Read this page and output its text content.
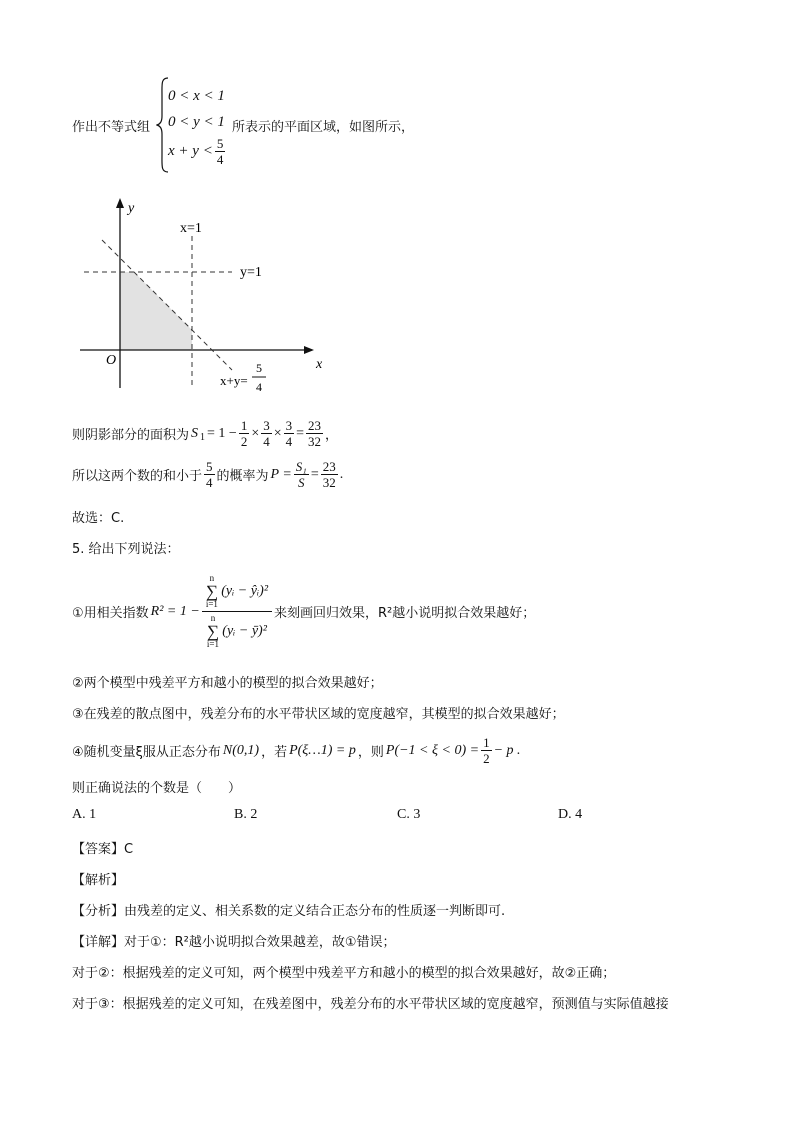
作出不等式组
0 < x < 1
0 < y < 1
$x + y < \frac{5}{4}$
所表示的平面区域，如图所示，
y
x
O
x=1
y=1
x+y=
5
4
则阴影部分的面积为 S $1 = 1 - \frac{1}{2} \times \frac{3}{4} \times \frac{3}{4} = \frac{23}{32}$ ，
所以这两个数的和小于 $\frac{5}{4}$ 的概率为 $P = \frac{\text{S₁}}{S} = \frac{23}{32}$ .
故选：C.
5. 给出下列说法：
①用相关指数 R² = 1 − n
∑
i=1
(yᵢ − ŷᵢ)²
n
∑
i=1
(yᵢ − ȳ)² 来刻画回归效果，R²越小说明拟合效果越好；
②两个模型中残差平方和越小的模型的拟合效果越好；
③在残差的散点图中，残差分布的水平带状区域的宽度越窄，其模型的拟合效果越好；
④随机变量ξ服从正态分布 N(0,1) ，若 P(ξ…1) = p ，则 $P(-1 < \xi < 0) = \frac{1}{2} - p$ .
则正确说法的个数是（　　）
A. 1	B. 2	C. 3	D. 4
【答案】C
【解析】
【分析】由残差的定义、相关系数的定义结合正态分布的性质逐一判断即可.
【详解】对于①：R²越小说明拟合效果越差，故①错误；
对于②：根据残差的定义可知，两个模型中残差平方和越小的模型的拟合效果越好，故②正确；
对于③：根据残差的定义可知，在残差图中，残差分布的水平带状区域的宽度越窄，预测值与实际值越接
